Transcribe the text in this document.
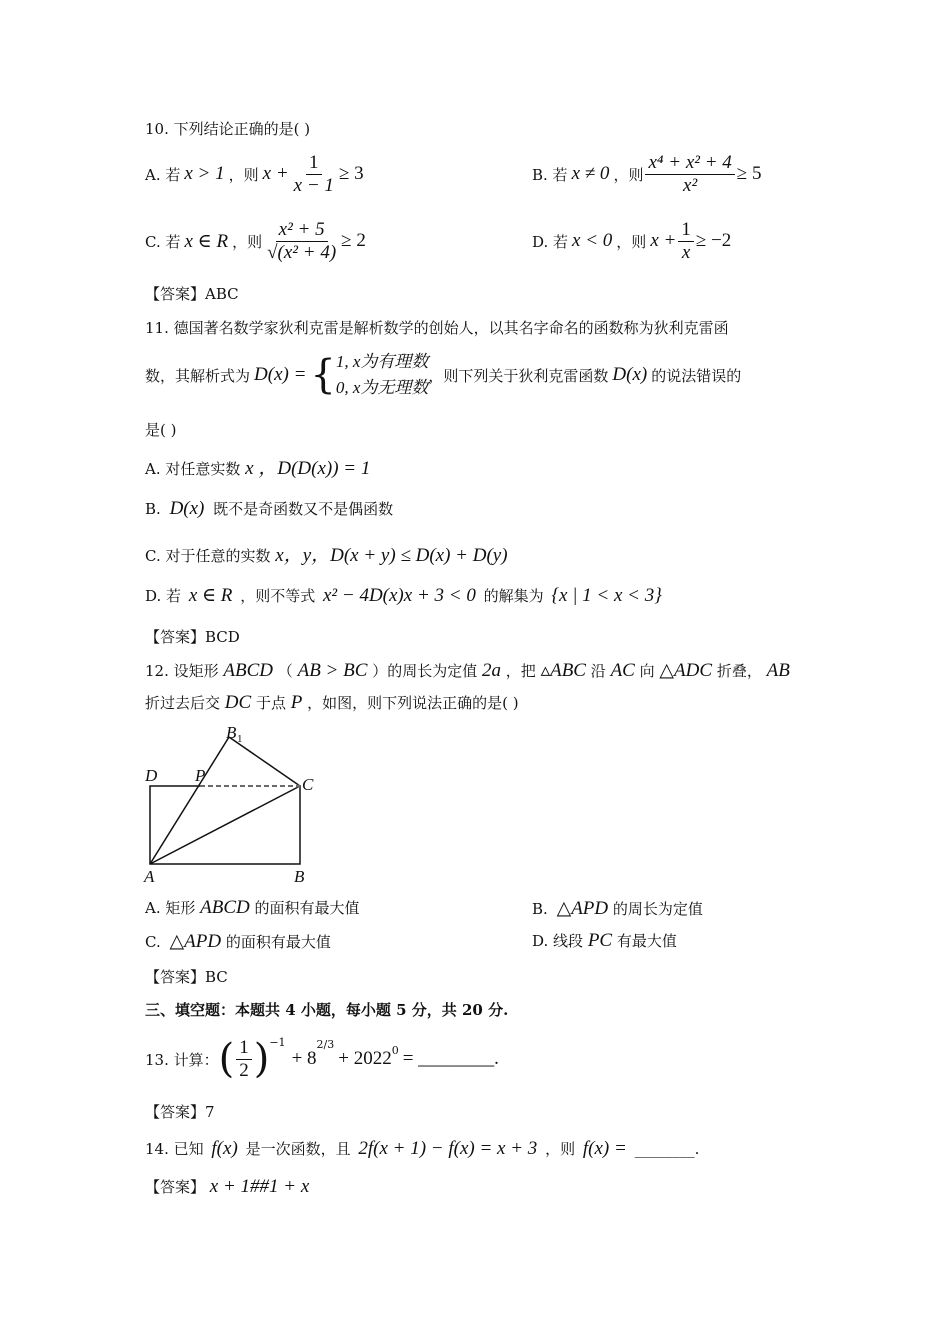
10. 下列结论正确的是( )
A. 若 x > 1 ，则 $x + \frac{1}{x - 1} \ge 3$	B. 若 x ≠ 0 ，则 $\frac{\text{x⁴ + x² + 4}}{\text{x²}} \ge 5$
C. 若 x ∈ R ，则 $\frac{\text{x² + 5}}{\text{√(x² + 4)}} \ge 2$	D. 若 x < 0 ，则 $x + \frac{1}{x} \ge -2$
【答案】ABC
11. 德国著名数学家狄利克雷是解析数学的创始人，以其名字命名的函数称为狄利克雷函
数，其解析式为 D(x) = { 1, x为有理数
0, x为无理数
，则下列关于狄利克雷函数 D(x) 的说法错误的
是( )
A. 对任意实数 x ，D(D(x)) = 1
B. D(x) 既不是奇函数又不是偶函数
C. 对于任意的实数 x，y，D(x + y) ≤ D(x) + D(y)
D. 若 x ∈ R ，则不等式 x² − 4D(x)x + 3 < 0 的解集为 {x | 1 < x < 3}
【答案】BCD
12. 设矩形 ABCD （ AB > BC ）的周长为定值 2a ，把 ▵ABC 沿 AC 向 △ADC 折叠， AB
折过去后交 DC 于点 P ，如图，则下列说法正确的是( )
B 1
D P	C
A	B
A. 矩形 ABCD 的面积有最大值	B. △APD 的周长为定值
C. △APD 的面积有最大值	D. 线段 PC 有最大值
【答案】BC
三、填空题：本题共 4 小题，每小题 5 分，共 20 分.
13. 计算： ( $\frac{1}{2} )^{-1}$
+ 8
$^{2/3}$
+ $2022^0$ = ________.
【答案】7
14. 已知 f(x) 是一次函数，且 2f(x + 1) − f(x) = x + 3 ，则 f(x) = ________.
【答案】 x + 1##1 + x
